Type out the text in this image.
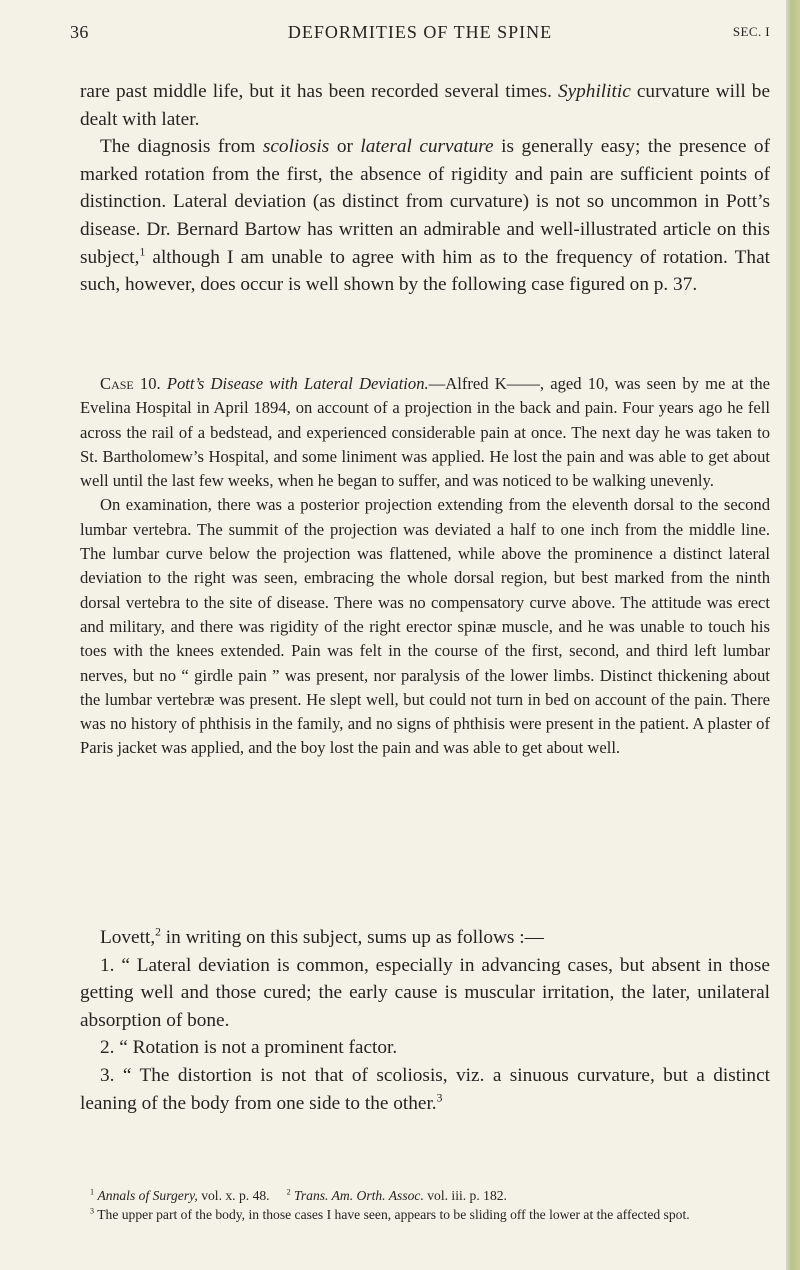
36	DEFORMITIES OF THE SPINE	SEC. I

rare past middle life, but it has been recorded several times. Syphilitic curvature will be dealt with later.

The diagnosis from scoliosis or lateral curvature is generally easy; the presence of marked rotation from the first, the absence of rigidity and pain are sufficient points of distinction. Lateral deviation (as distinct from curvature) is not so uncommon in Pott’s disease. Dr. Bernard Bartow has written an admirable and well-illustrated article on this subject,$^1$ although I am unable to agree with him as to the frequency of rotation. That such, however, does occur is well shown by the following case figured on p. 37.

Case 10. Pott’s Disease with Lateral Deviation.—Alfred K——, aged 10, was seen by me at the Evelina Hospital in April 1894, on account of a projection in the back and pain. Four years ago he fell across the rail of a bedstead, and experienced considerable pain at once. The next day he was taken to St. Bartholomew’s Hospital, and some liniment was applied. He lost the pain and was able to get about well until the last few weeks, when he began to suffer, and was noticed to be walking unevenly.

On examination, there was a posterior projection extending from the eleventh dorsal to the second lumbar vertebra. The summit of the projection was deviated a half to one inch from the middle line. The lumbar curve below the projection was flattened, while above the prominence a distinct lateral deviation to the right was seen, embracing the whole dorsal region, but best marked from the ninth dorsal vertebra to the site of disease. There was no compensatory curve above. The attitude was erect and military, and there was rigidity of the right erector spinæ muscle, and he was unable to touch his toes with the knees extended. Pain was felt in the course of the first, second, and third left lumbar nerves, but no “ girdle pain ” was present, nor paralysis of the lower limbs. Distinct thickening about the lumbar vertebræ was present. He slept well, but could not turn in bed on account of the pain. There was no history of phthisis in the family, and no signs of phthisis were present in the patient. A plaster of Paris jacket was applied, and the boy lost the pain and was able to get about well.

Lovett,$^2$ in writing on this subject, sums up as follows :—

1. “ Lateral deviation is common, especially in advancing cases, but absent in those getting well and those cured; the early cause is muscular irritation, the later, unilateral absorption of bone.

2. “ Rotation is not a prominent factor.

3. “ The distortion is not that of scoliosis, viz. a sinuous curvature, but a distinct leaning of the body from one side to the other.$^3$

$^1$ Annals of Surgery, vol. x. p. 48. $^2$ Trans. Am. Orth. Assoc. vol. iii. p. 182.

$^3$ The upper part of the body, in those cases I have seen, appears to be sliding off the lower at the affected spot.
